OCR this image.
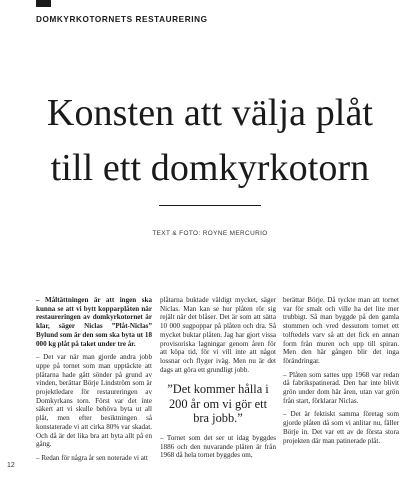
DOMKYRKOTORNETS RESTAURERING
Konsten att välja plåt
till ett domkyrkotorn
TEXT & FOTO: ROYNE MERCURIO

– Måltättningen är att ingen ska kunna se att vi bytt kopparplåten när restaureringen av domkyrkotornet är klar, säger Niclas ”Plåt-Niclas” Bylund som är den som ska byta ut 18 000 kg plåt på taket under tre år.

– Det var när man gjorde andra jobb uppe på tornet som man upptäckte att plåtarna hade gått sönder på grund av vinden, berättar Börje Lindström som är projektledare för restaureringen av Domkyrkans torn. Först var det inte säkert att vi skulle behöva byta ut all plåt, men efter besiktningen så konstaterade vi att cirka 80% var skadat. Och då är det lika bra att byta allt på en gång.

– Redan för några år sen noterade vi att

plåtarna buktade väldigt mycket, säger Niclas. Man kan se hur plåten rör sig rejält när det blåser. Det är som att sätta 10 000 sugpoppar på plåten och dra. Så mycket buktar plåten. Jag har gjort vissa provisoriska lagningar genom åren för att köpa tid, för vi vill inte att något lossnar och flyger iväg. Men nu är det dags att göra ett grundligt jobb.

”Det kommer hålla i 200 år om vi gör ett bra jobb.”

– Tornet som det ser ut idag byggdes 1886 och den nuvarande plåten är från 1968 då hela tornet byggdes om,

berättar Börje. Då tyckte man att tornet var för smalt och ville ha det lite mer trubbigt. Så man byggde på den gamla stommen och vred dessutom tornet ett tolftedels varv så att det fick en annan form från muren och upp till spiran. Men den här gången blir det inga förändringar.

– Plåten som sattes upp 1968 var redan då fabrikspatinerad. Den har inte blivit grön under dom här åren, utan var grön från start, förklarar Niclas.

– Det är fektiskt samma företag som gjorde plåten då som vi anlitar nu, fäller Börje in. Det var ett av de första stora projekten där man patinerade plåt.

12
